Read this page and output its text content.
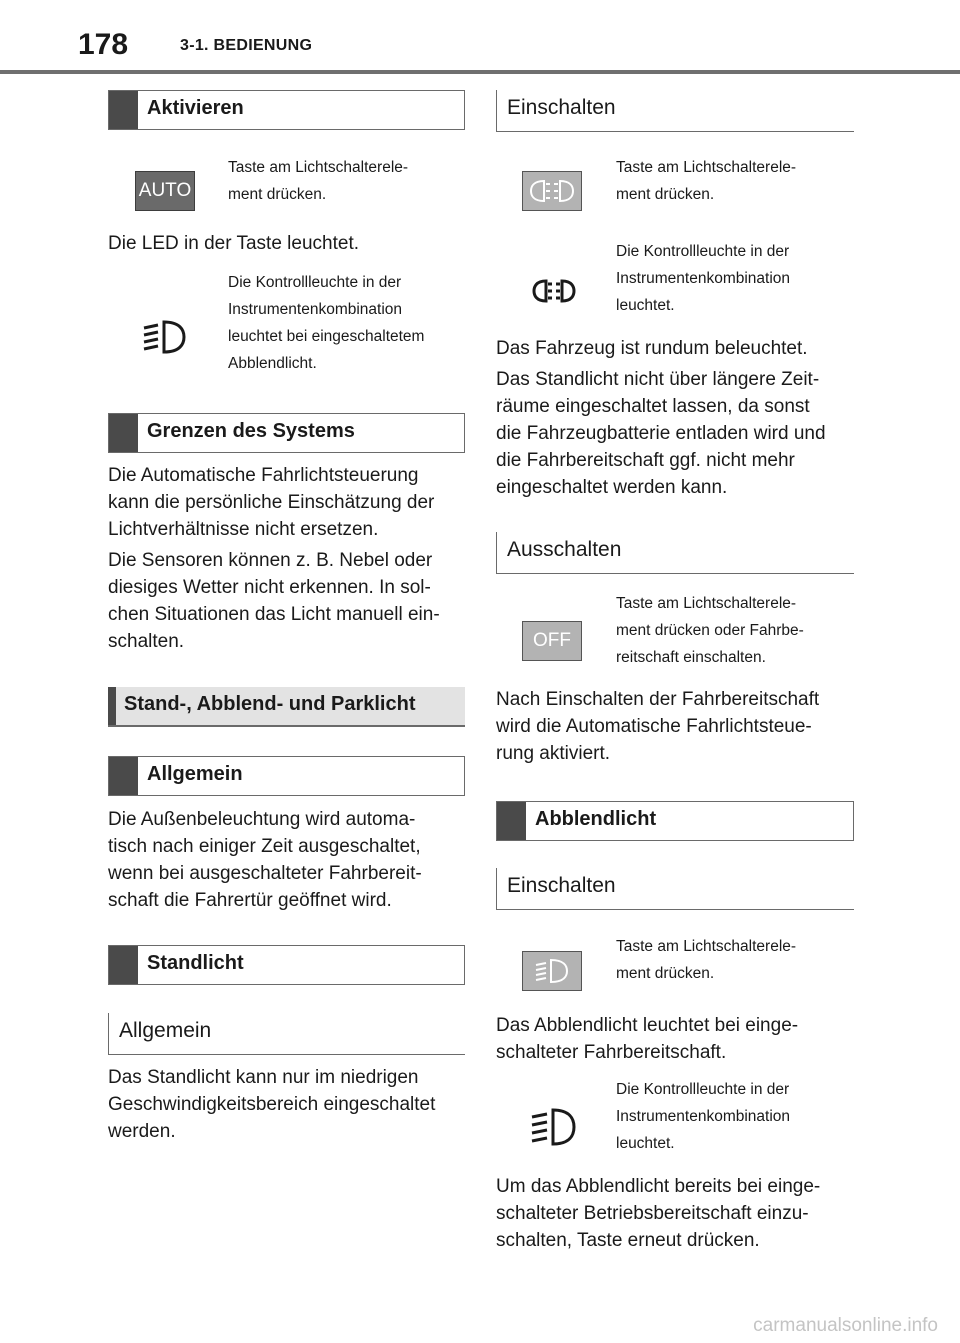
178	3-1. BEDIENUNG
Aktivieren
AUTO
Taste am Lichtschalterele-
ment drücken.
Die LED in der Taste leuchtet.
Die Kontrollleuchte in der
Instrumentenkombination
leuchtet bei eingeschaltetem
Abblendlicht.
Grenzen des Systems
Die Automatische Fahrlichtsteuerung
kann die persönliche Einschätzung der
Lichtverhältnisse nicht ersetzen.
Die Sensoren können z. B. Nebel oder
diesiges Wetter nicht erkennen. In sol-
chen Situationen das Licht manuell ein-
schalten.
Stand-, Abblend- und Parklicht
Allgemein
Die Außenbeleuchtung wird automa-
tisch nach einiger Zeit ausgeschaltet,
wenn bei ausgeschalteter Fahrbereit-
schaft die Fahrertür geöffnet wird.
Standlicht
Allgemein
Das Standlicht kann nur im niedrigen
Geschwindigkeitsbereich eingeschaltet
werden.
Einschalten
Taste am Lichtschalterele-
ment drücken.
Die Kontrollleuchte in der
Instrumentenkombination
leuchtet.
Das Fahrzeug ist rundum beleuchtet.
Das Standlicht nicht über längere Zeit-
räume eingeschaltet lassen, da sonst
die Fahrzeugbatterie entladen wird und
die Fahrbereitschaft ggf. nicht mehr
eingeschaltet werden kann.
Ausschalten
OFF
Taste am Lichtschalterele-
ment drücken oder Fahrbe-
reitschaft einschalten.
Nach Einschalten der Fahrbereitschaft
wird die Automatische Fahrlichtsteue-
rung aktiviert.
Abblendlicht
Einschalten
Taste am Lichtschalterele-
ment drücken.
Das Abblendlicht leuchtet bei einge-
schalteter Fahrbereitschaft.
Die Kontrollleuchte in der
Instrumentenkombination
leuchtet.
Um das Abblendlicht bereits bei einge-
schalteter Betriebsbereitschaft einzu-
schalten, Taste erneut drücken.
carmanualsonline.info
